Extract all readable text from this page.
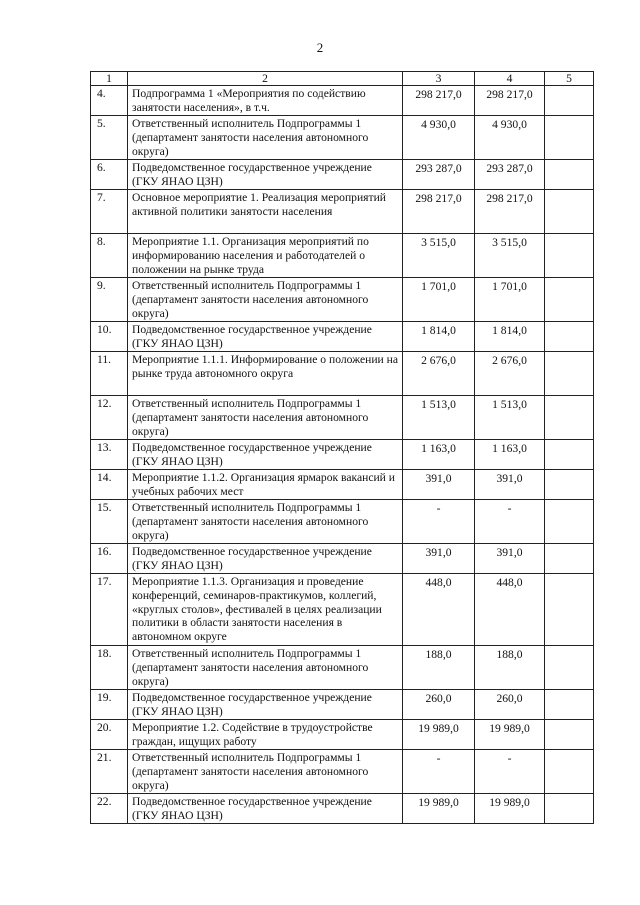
2
1	2	3	4	5
4.	Подпрограмма 1 «Мероприятия по содействию занятости населения», в т.ч.	298 217,0	298 217,0	
5.	Ответственный исполнитель Подпрограммы 1 (департамент занятости населения автономного округа)	4 930,0	4 930,0	
6.	Подведомственное государственное учреждение (ГКУ ЯНАО ЦЗН)	293 287,0	293 287,0	
7.	Основное мероприятие 1. Реализация мероприятий активной политики занятости населения	298 217,0	298 217,0	
8.	Мероприятие 1.1. Организация мероприятий по информированию населения и работодателей о положении на рынке труда	3 515,0	3 515,0	
9.	Ответственный исполнитель Подпрограммы 1 (департамент занятости населения автономного округа)	1 701,0	1 701,0	
10.	Подведомственное государственное учреждение (ГКУ ЯНАО ЦЗН)	1 814,0	1 814,0	
11.	Мероприятие 1.1.1. Информирование о положении на рынке труда автономного округа	2 676,0	2 676,0	
12.	Ответственный исполнитель Подпрограммы 1 (департамент занятости населения автономного округа)	1 513,0	1 513,0	
13.	Подведомственное государственное учреждение (ГКУ ЯНАО ЦЗН)	1 163,0	1 163,0	
14.	Мероприятие 1.1.2. Организация ярмарок вакансий и учебных рабочих мест	391,0	391,0	
15.	Ответственный исполнитель Подпрограммы 1 (департамент занятости населения автономного округа)	-	-	
16.	Подведомственное государственное учреждение (ГКУ ЯНАО ЦЗН)	391,0	391,0	
17.	Мероприятие 1.1.3. Организация и проведение конференций, семинаров-практикумов, коллегий, «круглых столов», фестивалей в целях реализации политики в области занятости населения в автономном округе	448,0	448,0	
18.	Ответственный исполнитель Подпрограммы 1 (департамент занятости населения автономного округа)	188,0	188,0	
19.	Подведомственное государственное учреждение (ГКУ ЯНАО ЦЗН)	260,0	260,0	
20.	Мероприятие 1.2. Содействие в трудоустройстве граждан, ищущих работу	19 989,0	19 989,0	
21.	Ответственный исполнитель Подпрограммы 1 (департамент занятости населения автономного округа)	-	-	
22.	Подведомственное государственное учреждение (ГКУ ЯНАО ЦЗН)	19 989,0	19 989,0	
